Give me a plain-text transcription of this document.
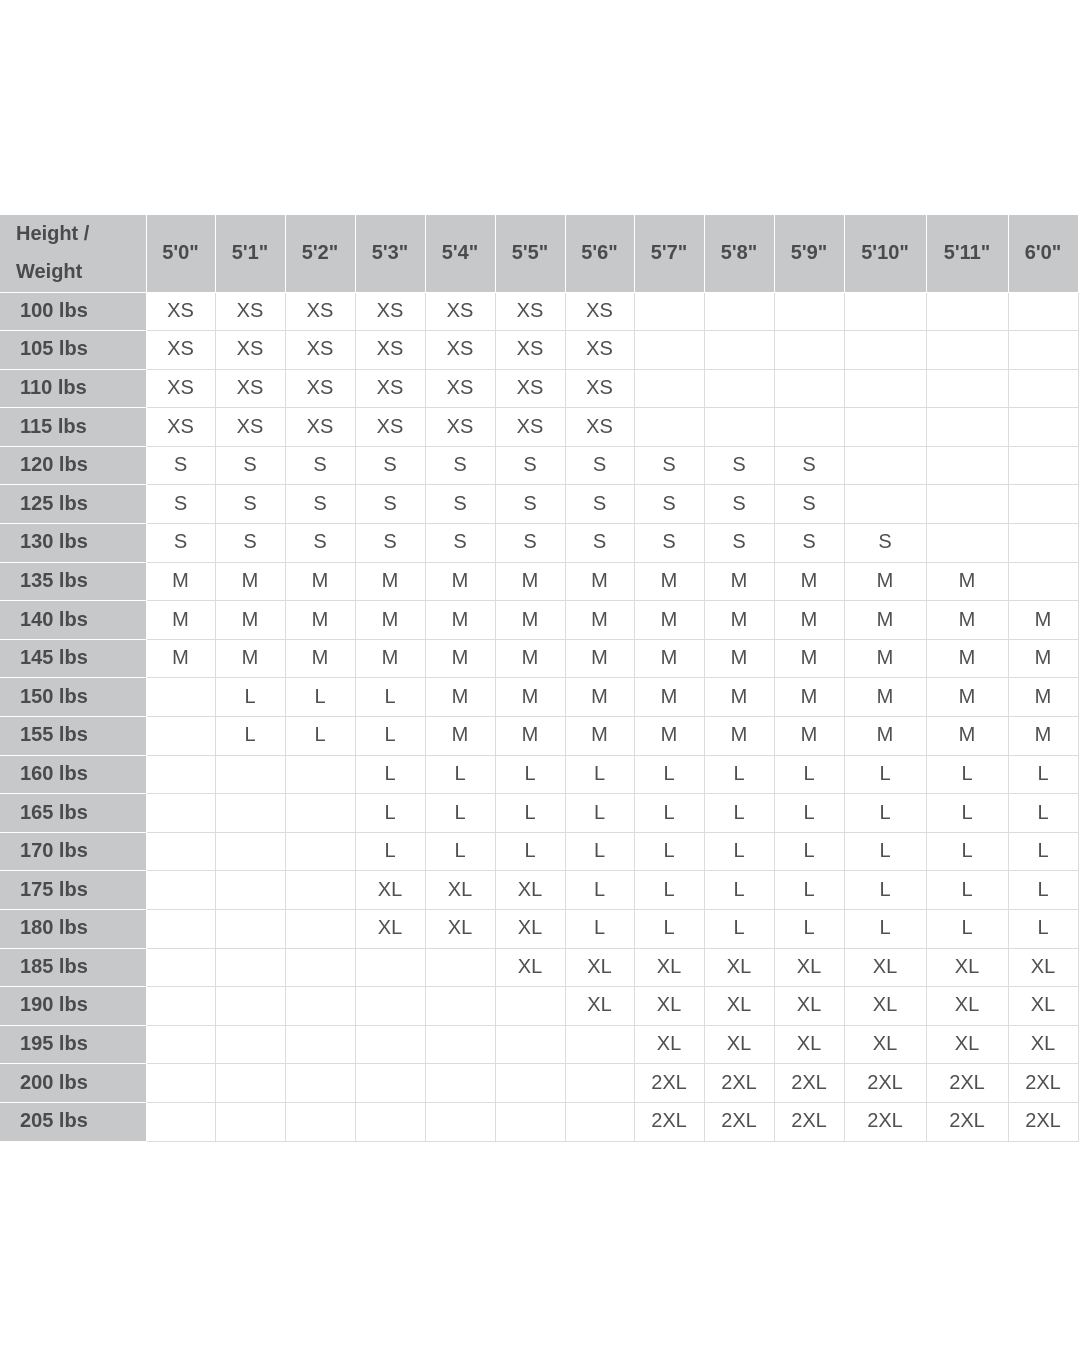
Height /
Weight	5'0"	5'1"	5'2"	5'3"	5'4"	5'5"	5'6"	5'7"	5'8"	5'9"	5'10"	5'11"	6'0"
100 lbs	XS	XS	XS	XS	XS	XS	XS						
105 lbs	XS	XS	XS	XS	XS	XS	XS						
110 lbs	XS	XS	XS	XS	XS	XS	XS						
115 lbs	XS	XS	XS	XS	XS	XS	XS						
120 lbs	S	S	S	S	S	S	S	S	S	S			
125 lbs	S	S	S	S	S	S	S	S	S	S			
130 lbs	S	S	S	S	S	S	S	S	S	S	S		
135 lbs	M	M	M	M	M	M	M	M	M	M	M	M	
140 lbs	M	M	M	M	M	M	M	M	M	M	M	M	M
145 lbs	M	M	M	M	M	M	M	M	M	M	M	M	M
150 lbs		L	L	L	M	M	M	M	M	M	M	M	M
155 lbs		L	L	L	M	M	M	M	M	M	M	M	M
160 lbs				L	L	L	L	L	L	L	L	L	L
165 lbs				L	L	L	L	L	L	L	L	L	L
170 lbs				L	L	L	L	L	L	L	L	L	L
175 lbs				XL	XL	XL	L	L	L	L	L	L	L
180 lbs				XL	XL	XL	L	L	L	L	L	L	L
185 lbs						XL	XL	XL	XL	XL	XL	XL	XL
190 lbs							XL	XL	XL	XL	XL	XL	XL
195 lbs								XL	XL	XL	XL	XL	XL
200 lbs								2XL	2XL	2XL	2XL	2XL	2XL
205 lbs								2XL	2XL	2XL	2XL	2XL	2XL
